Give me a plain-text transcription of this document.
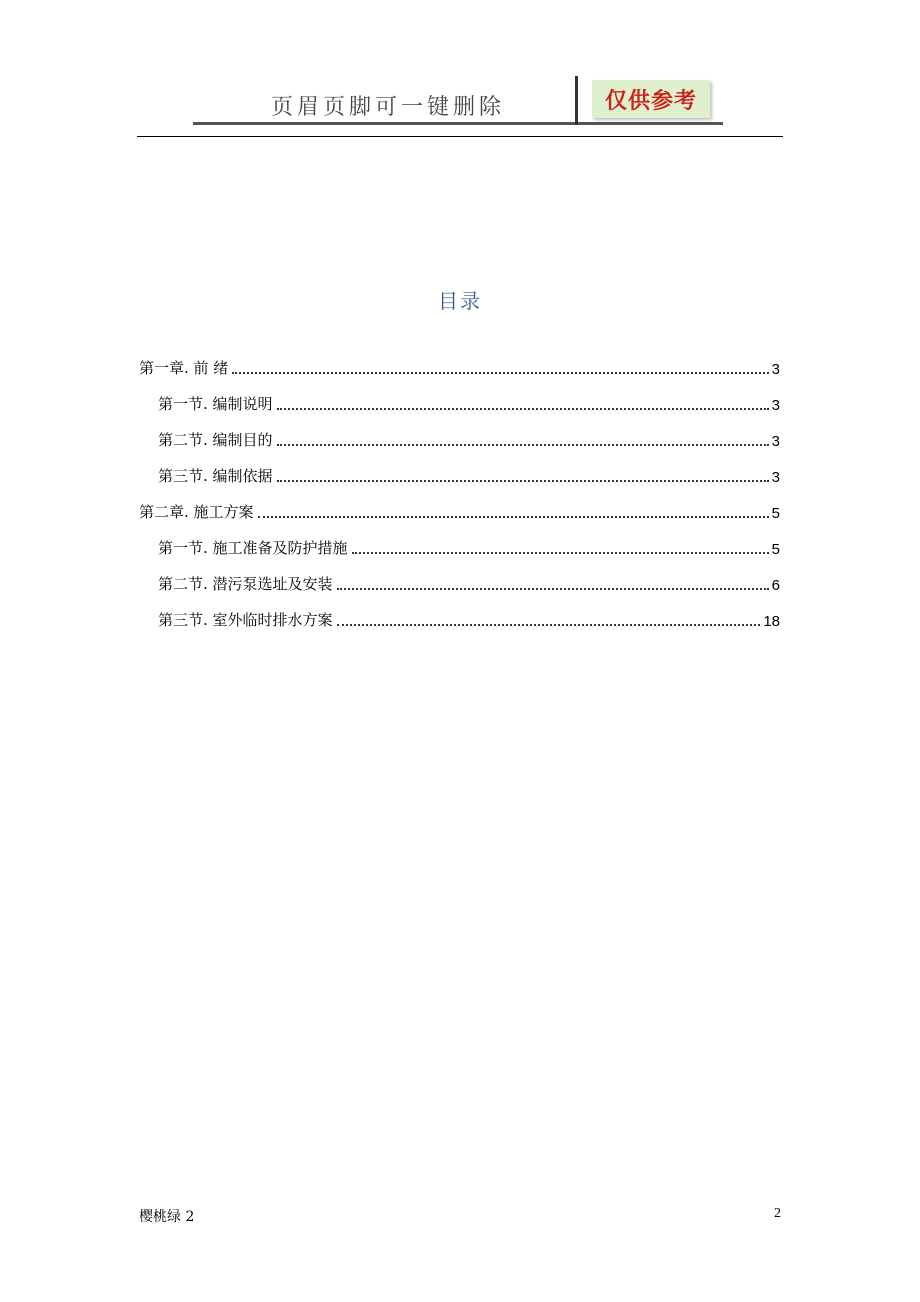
页眉页脚可一键删除	仅供参考
目录
第一章. 前 绪	3
第一节. 编制说明	3
第二节. 编制目的	3
第三节. 编制依据	3
第二章. 施工方案	5
第一节. 施工准备及防护措施	5
第二节. 潜污泵选址及安装	6
第三节. 室外临时排水方案	18
樱桃绿 2	2
